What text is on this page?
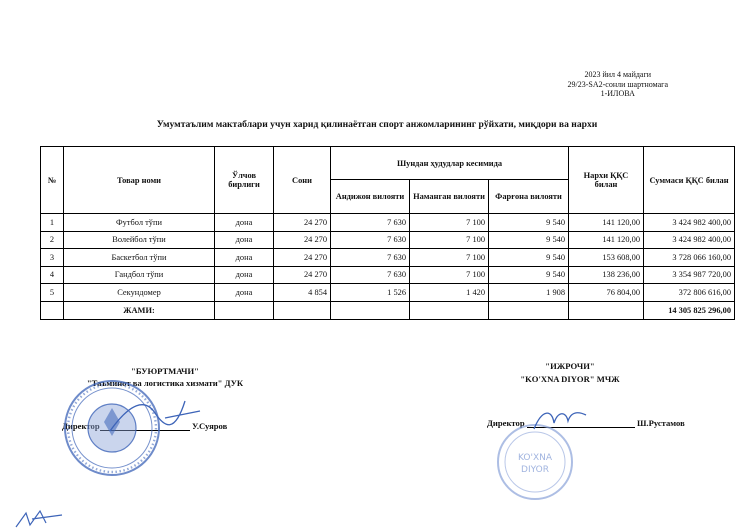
2023 йил 4 майдаги
29/23-SA2-сонли шартномага
1-ИЛОВА
Умумтаълим мактаблари учун харид қилинаётган спорт анжомларининг рўйхати, миқдори ва нархи
№	Товар номи	Ўлчов бирлиги	Сони	Шундан ҳудудлар кесимида			Нархи ҚҚС билан	Суммаси ҚҚС билан
				Андижон вилояти	Наманган вилояти	Фарғона вилояти		
1	Футбол тўпи	дона	24 270	7 630	7 100	9 540	141 120,00	3 424 982 400,00
2	Волейбол тўпи	дона	24 270	7 630	7 100	9 540	141 120,00	3 424 982 400,00
3	Баскетбол тўпи	дона	24 270	7 630	7 100	9 540	153 608,00	3 728 066 160,00
4	Гандбол тўпи	дона	24 270	7 630	7 100	9 540	138 236,00	3 354 987 720,00
5	Секундомер	дона	4 854	1 526	1 420	1 908	76 804,00	372 806 616,00
	ЖАМИ:							14 305 825 296,00
"БУЮРТМАЧИ"
"Таъминот ва логистика хизмати" ДУК
Директор	У.Суяров
"ИЖРОЧИ"
"KO'XNA DIYOR" МЧЖ
Директор	Ш.Рустамов
KO'XNA
DIYOR
